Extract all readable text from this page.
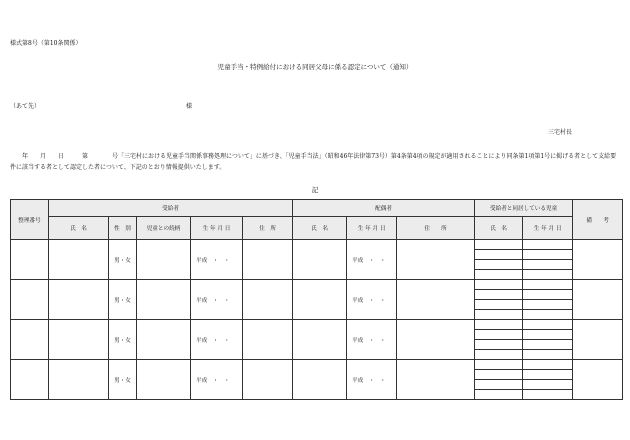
様式第8号（第10条関係）
児童手当・特例給付における同居父母に係る認定について（通知）
（あて先）	様
三宅村長
　　年　　月　　日　　　第　　　　号「三宅村における児童手当関係事務処理について」に基づき、「児童手当法」（昭和46年法律第73号）第4条第4項の規定が適用されることにより同条第1項第1号に掲げる者として支給要件に該当する者として認定した者について、下記のとおり情報提供いたします。
記
整理番号	受給者					配偶者			受給者と同居している児童		備　　考
	氏　名	性　別	児童との続柄	生 年 月 日	住　所	氏　名	生 年 月 日	住　　所	氏　名	生 年 月 日	
		男・女		平成　・　・			平成　・　・				

		男・女		平成　・　・			平成　・　・				

		男・女		平成　・　・			平成　・　・				

		男・女		平成　・　・			平成　・　・				
